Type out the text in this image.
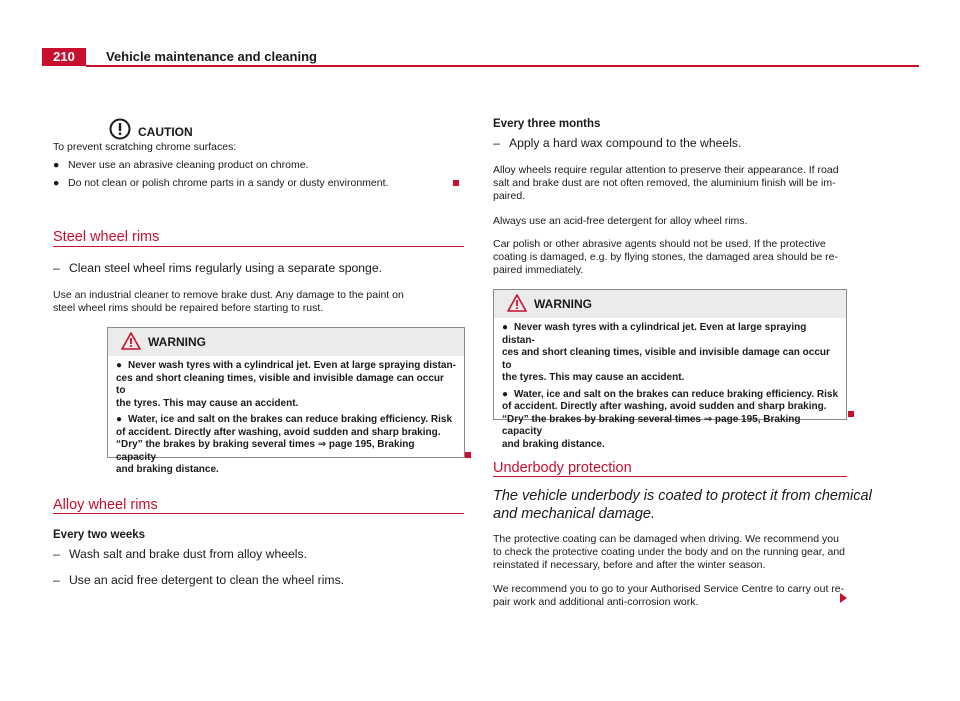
210	Vehicle maintenance and cleaning
CAUTION
To prevent scratching chrome surfaces:
● Never use an abrasive cleaning product on chrome.
● Do not clean or polish chrome parts in a sandy or dusty environment.
Steel wheel rims
– Clean steel wheel rims regularly using a separate sponge.
Use an industrial cleaner to remove brake dust. Any damage to the paint on
steel wheel rims should be repaired before starting to rust.
WARNING

● Never wash tyres with a cylindrical jet. Even at large spraying distan-
ces and short cleaning times, visible and invisible damage can occur to
the tyres. This may cause an accident.

● Water, ice and salt on the brakes can reduce braking efficiency. Risk
of accident. Directly after washing, avoid sudden and sharp braking.
“Dry” the brakes by braking several times ⇒ page 195, Braking capacity
and braking distance.

Alloy wheel rims
Every two weeks
– Wash salt and brake dust from alloy wheels.
– Use an acid free detergent to clean the wheel rims.
Every three months
– Apply a hard wax compound to the wheels.
Alloy wheels require regular attention to preserve their appearance. If road
salt and brake dust are not often removed, the aluminium finish will be im-
paired.
Always use an acid-free detergent for alloy wheel rims.
Car polish or other abrasive agents should not be used. If the protective
coating is damaged, e.g. by flying stones, the damaged area should be re-
paired immediately.
WARNING

● Never wash tyres with a cylindrical jet. Even at large spraying distan-
ces and short cleaning times, visible and invisible damage can occur to
the tyres. This may cause an accident.

● Water, ice and salt on the brakes can reduce braking efficiency. Risk
of accident. Directly after washing, avoid sudden and sharp braking.
“Dry” the brakes by braking several times ⇒ page 195, Braking capacity
and braking distance.

Underbody protection
The vehicle underbody is coated to protect it from chemical
and mechanical damage.
The protective coating can be damaged when driving. We recommend you
to check the protective coating under the body and on the running gear, and
reinstated if necessary, before and after the winter season.
We recommend you to go to your Authorised Service Centre to carry out re-
pair work and additional anti-corrosion work.
